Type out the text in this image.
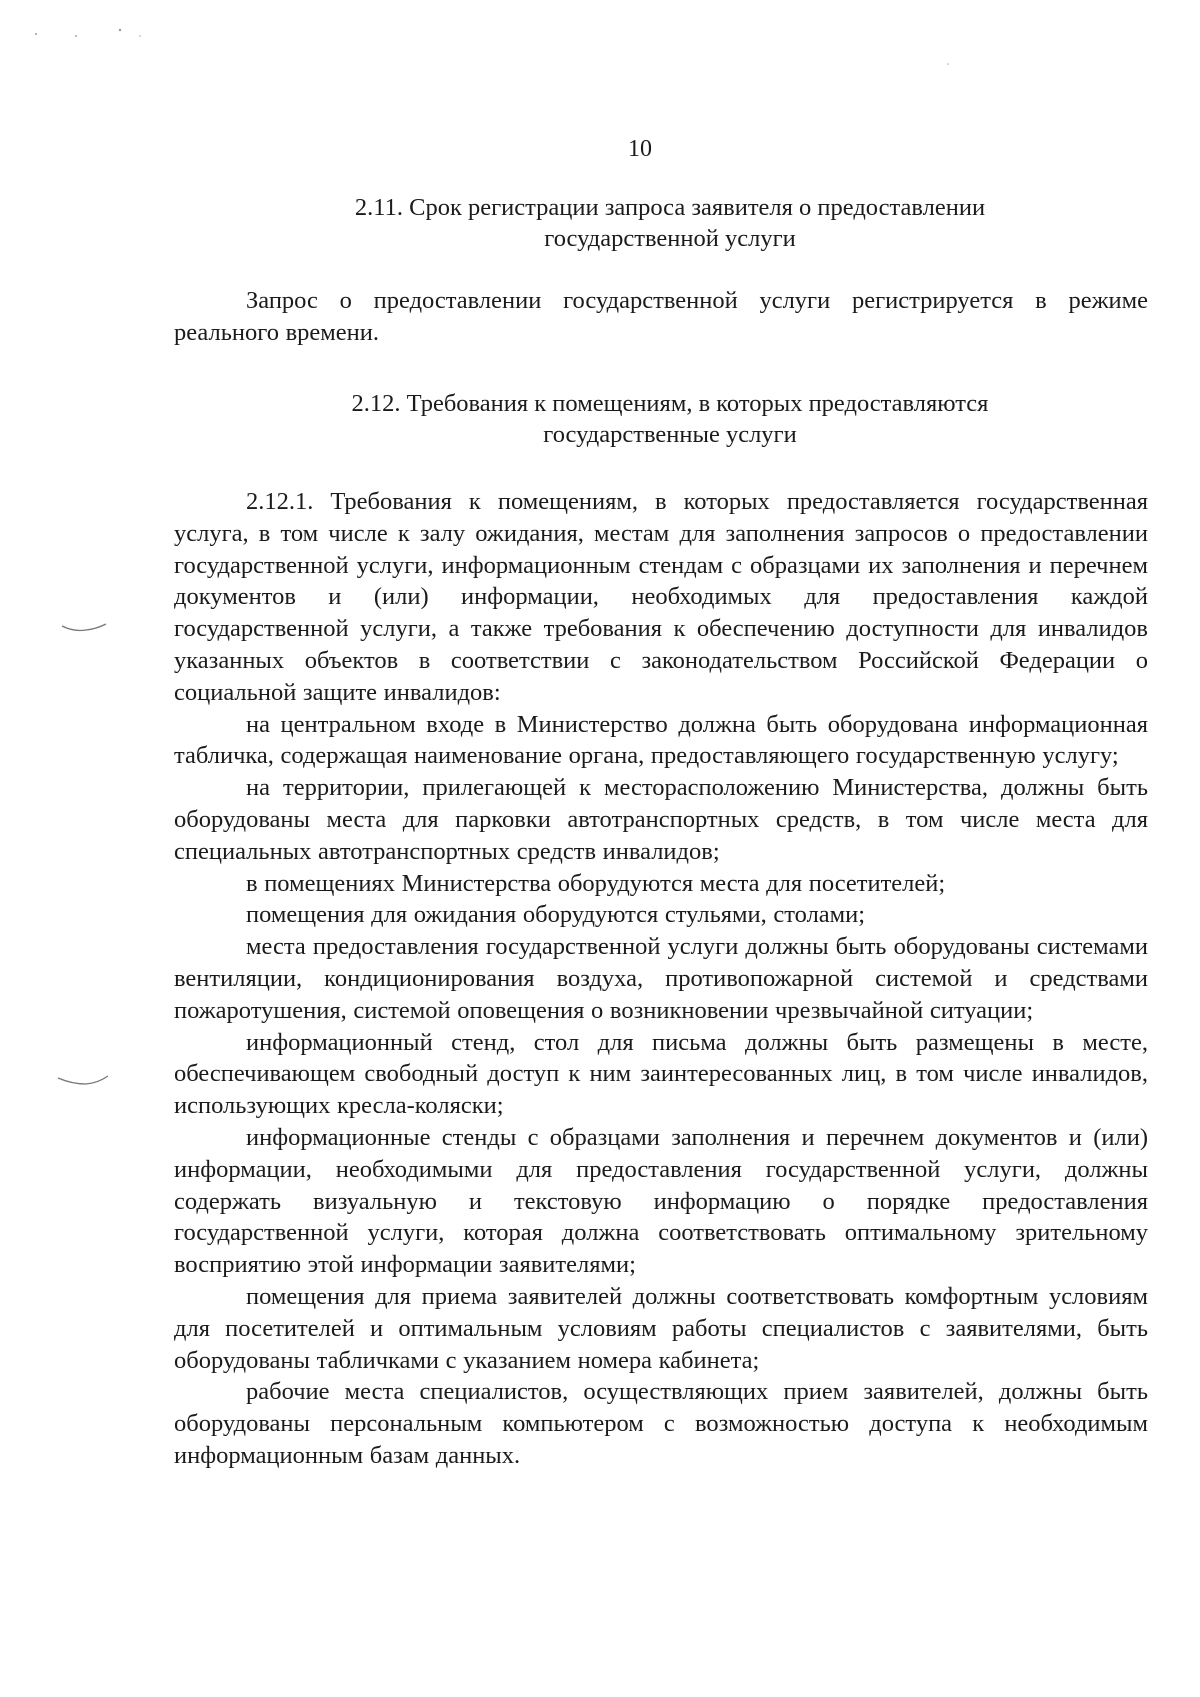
10
2.11. Срок регистрации запроса заявителя о предоставлении
государственной услуги

Запрос о предоставлении государственной услуги регистрируется в режиме реального времени.

2.12. Требования к помещениям, в которых предоставляются
государственные услуги

2.12.1. Требования к помещениям, в которых предоставляется государственная услуга, в том числе к залу ожидания, местам для заполнения запросов о предоставлении государственной услуги, информационным стендам с образцами их заполнения и перечнем документов и (или) информации, необходимых для предоставления каждой государственной услуги, а также требования к обеспечению доступности для инвалидов указанных объектов в соответствии с законодательством Российской Федерации о социальной защите инвалидов:

на центральном входе в Министерство должна быть оборудована информационная табличка, содержащая наименование органа, предоставляющего государственную услугу;

на территории, прилегающей к месторасположению Министерства, должны быть оборудованы места для парковки автотранспортных средств, в том числе места для специальных автотранспортных средств инвалидов;

в помещениях Министерства оборудуются места для посетителей;

помещения для ожидания оборудуются стульями, столами;

места предоставления государственной услуги должны быть оборудованы системами вентиляции, кондиционирования воздуха, противопожарной системой и средствами пожаротушения, системой оповещения о возникновении чрезвычайной ситуации;

информационный стенд, стол для письма должны быть размещены в месте, обеспечивающем свободный доступ к ним заинтересованных лиц, в том числе инвалидов, использующих кресла-коляски;

информационные стенды с образцами заполнения и перечнем документов и (или) информации, необходимыми для предоставления государственной услуги, должны содержать визуальную и текстовую информацию о порядке предоставления государственной услуги, которая должна соответствовать оптимальному зрительному восприятию этой информации заявителями;

помещения для приема заявителей должны соответствовать комфортным условиям для посетителей и оптимальным условиям работы специалистов с заявителями, быть оборудованы табличками с указанием номера кабинета;

рабочие места специалистов, осуществляющих прием заявителей, должны быть оборудованы персональным компьютером с возможностью доступа к необходимым информационным базам данных.
